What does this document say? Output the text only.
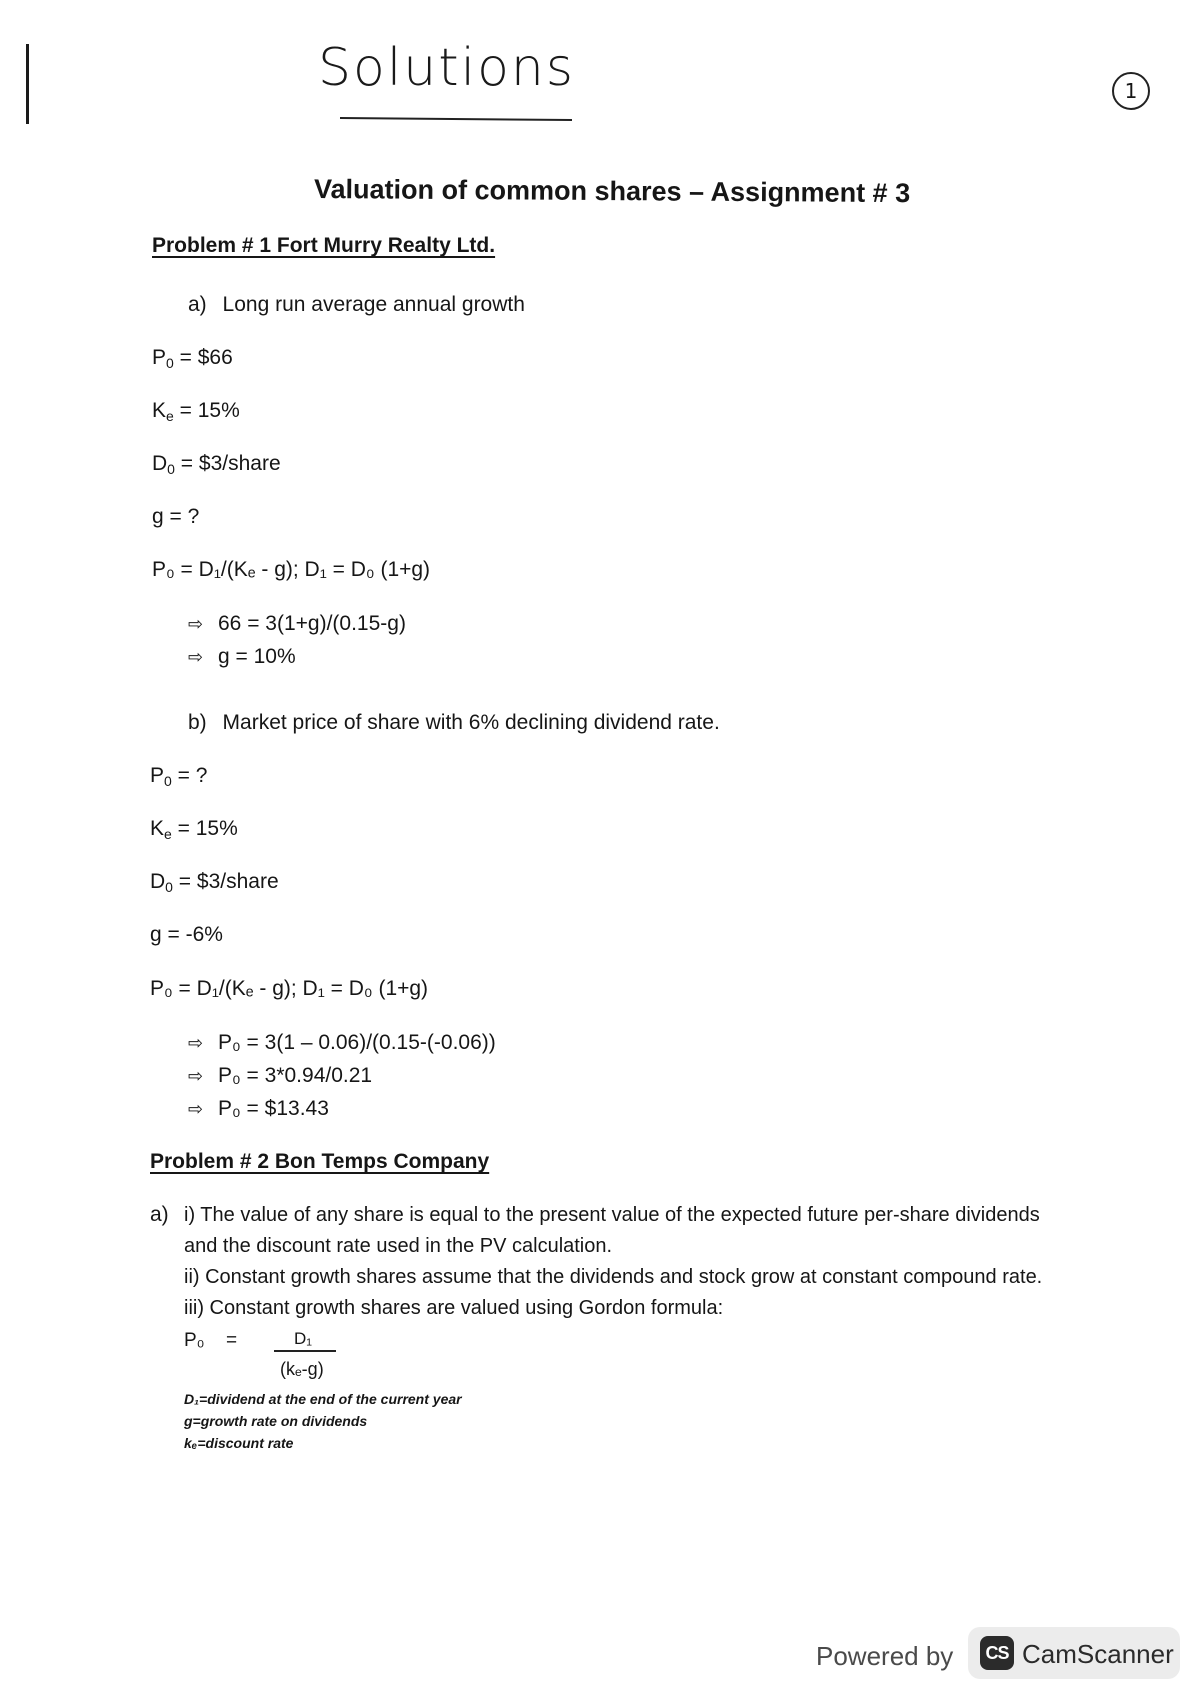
Solutions	1
Valuation of common shares – Assignment # 3
Problem # 1 Fort Murry Realty Ltd.
a) Long run average annual growth
$P_0$ = $66
$K_e = 15\%$
$D_0$ = $3/share
g = ?
P₀ = D₁/(Kₑ - g); D₁ = D₀ (1+g)
⇨ 66 = 3(1+g)/(0.15-g)
⇨ g = 10%
b) Market price of share with 6% declining dividend rate.
$P_0$ = ?
$K_e = 15\%$
$D_0$ = $3/share
g = -6%
P₀ = D₁/(Kₑ - g); D₁ = D₀ (1+g)
⇨ P₀ = 3(1 – 0.06)/(0.15-(-0.06))
⇨ P₀ = 3*0.94/0.21
⇨ P₀ = $13.43
Problem # 2 Bon Temps Company
a) i) The value of any share is equal to the present value of the expected future per-share dividends
and the discount rate used in the PV calculation.
ii) Constant growth shares assume that the dividends and stock grow at constant compound rate.
iii) Constant growth shares are valued using Gordon formula:
P₀ =	D₁
(kₑ-g)
D₁=dividend at the end of the current year
g=growth rate on dividends
kₑ=discount rate
Powered by	CS CamScanner
